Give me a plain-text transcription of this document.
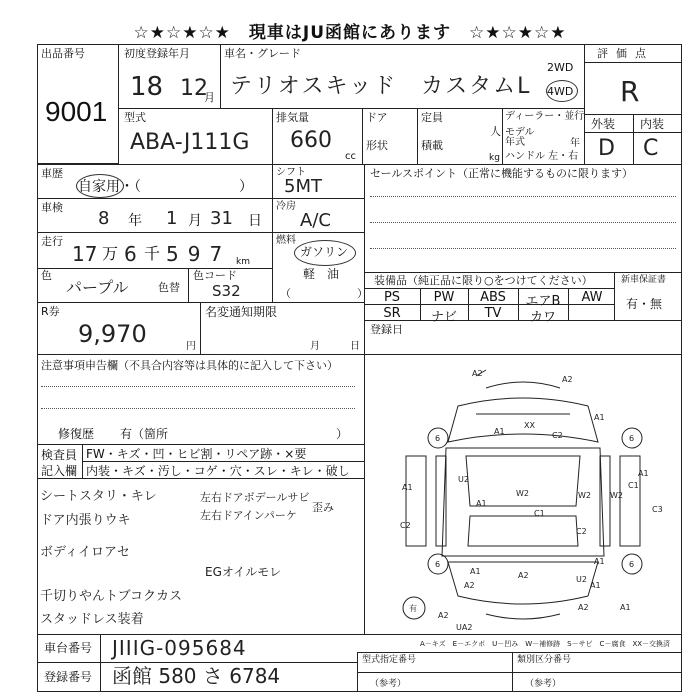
☆★☆★☆★　現車はJU函館にあります　☆★☆★☆★
出品番号
9001
初度登録年月
18 12
月
車名・グレード
テリオスキッド　カスタムL
2WD
4WD
評価点
R
外装 内装
D C
型式
ABA-J111G
排気量
660
cc
ドア
形状
定員
人
積載
kg
ディーラー・並行
モデル年式	年
ハンドル 左・右
車歴
自家用・（　　　　　　　）
車検
8 年 1 月 31 日
走行
17 万 6 千 597 km
シフト
5MT
冷房
A/C
燃料
ガソリン
軽　油
（　　　　　　）
色
パープル	色替
色コード
S32
R券
9,970	円
名変通知期限
月	日
セールスポイント（正常に機能するものに限ります）
装備品（純正品に限り○をつけてください）	新車保証書
有・無
PS	PW	ABS	エアB	AW
SR	ナビ	TV	カワ
登録日
注意事項申告欄（不具合内容等は具体的に記入して下さい）
修復歴 有（箇所　　　　　　　　　　　　　　）
検査員
記入欄
FW・キズ・凹・ヒビ割・リペア跡・×要
内装・キズ・汚し・コゲ・穴・スレ・キレ・破し
シートスタリ・キレ
ドア内張りウキ
ボディイロアセ
千切りやんトブコクカス
スタッドレス装着
左右ドアボデールサビ
左右ドアインパーケ
歪み
EGオイルモレ
6	6
6	6
有
A2
A2
A1
XX
C2
A1
U2
A1
A1
W2	W2 W2
C1
C1
A1
C2
C2
C3
A1
A1
A2
A2	U2
A1
A2
A2
UA2
A1
A－キズ　E－エクボ　U－凹み　W－補修跡　S－サビ　C－腐食　XX－交換済
車台番号 JIIIG-095684
登録番号 函館 580 さ 6784
型式指定番号
（参考）
類別区分番号
（参考）
